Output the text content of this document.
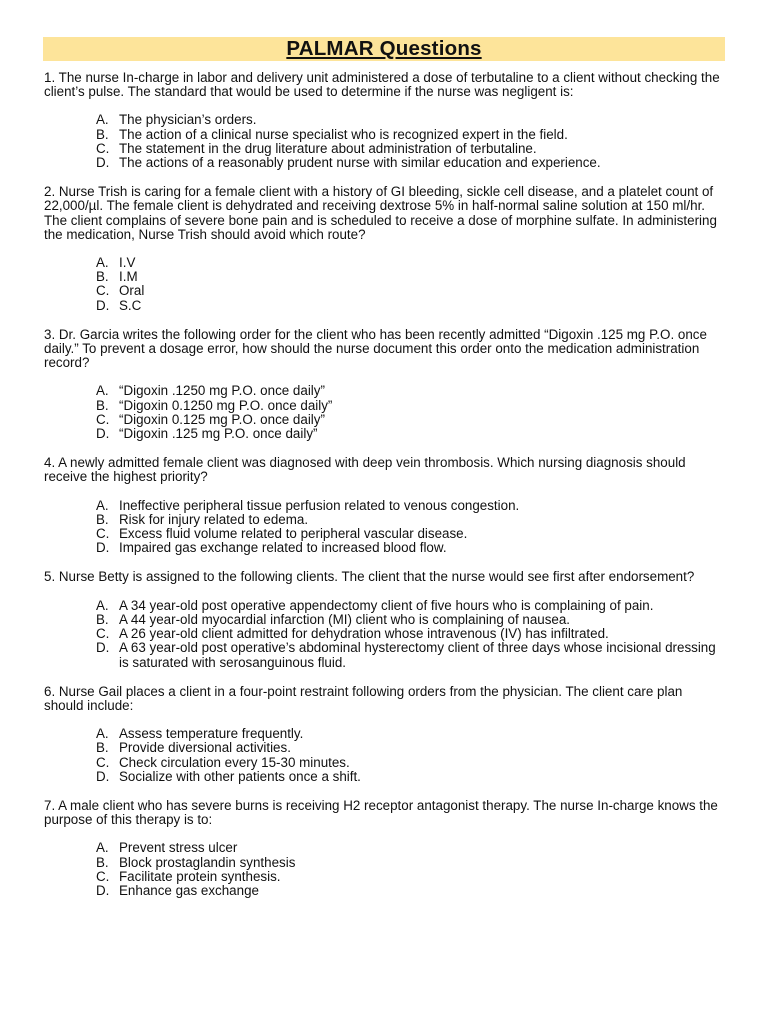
PALMAR Questions

1. The nurse In-charge in labor and delivery unit administered a dose of terbutaline to a client without checking the client’s pulse. The standard that would be used to determine if the nurse was negligent is:

A. The physician’s orders.
B. The action of a clinical nurse specialist who is recognized expert in the field.
C. The statement in the drug literature about administration of terbutaline.
D. The actions of a reasonably prudent nurse with similar education and experience.

2. Nurse Trish is caring for a female client with a history of GI bleeding, sickle cell disease, and a platelet count of 22,000/µl. The female client is dehydrated and receiving dextrose 5% in half-normal saline solution at 150 ml/hr. The client complains of severe bone pain and is scheduled to receive a dose of morphine sulfate. In administering the medication, Nurse Trish should avoid which route?

A. I.V
B. I.M
C. Oral
D. S.C

3. Dr. Garcia writes the following order for the client who has been recently admitted “Digoxin .125 mg P.O. once daily.” To prevent a dosage error, how should the nurse document this order onto the medication administration record?

A. “Digoxin .1250 mg P.O. once daily”
B. “Digoxin 0.1250 mg P.O. once daily”
C. “Digoxin 0.125 mg P.O. once daily”
D. “Digoxin .125 mg P.O. once daily”

4. A newly admitted female client was diagnosed with deep vein thrombosis. Which nursing diagnosis should receive the highest priority?

A. Ineffective peripheral tissue perfusion related to venous congestion.
B. Risk for injury related to edema.
C. Excess fluid volume related to peripheral vascular disease.
D. Impaired gas exchange related to increased blood flow.

5. Nurse Betty is assigned to the following clients. The client that the nurse would see first after endorsement?

A. A 34 year-old post operative appendectomy client of five hours who is complaining of pain.
B. A 44 year-old myocardial infarction (MI) client who is complaining of nausea.
C. A 26 year-old client admitted for dehydration whose intravenous (IV) has infiltrated.
D. A 63 year-old post operative’s abdominal hysterectomy client of three days whose incisional dressing is saturated with serosanguinous fluid.

6. Nurse Gail places a client in a four-point restraint following orders from the physician. The client care plan should include:

A. Assess temperature frequently.
B. Provide diversional activities.
C. Check circulation every 15-30 minutes.
D. Socialize with other patients once a shift.

7. A male client who has severe burns is receiving H2 receptor antagonist therapy. The nurse In-charge knows the purpose of this therapy is to:

A. Prevent stress ulcer
B. Block prostaglandin synthesis
C. Facilitate protein synthesis.
D. Enhance gas exchange
